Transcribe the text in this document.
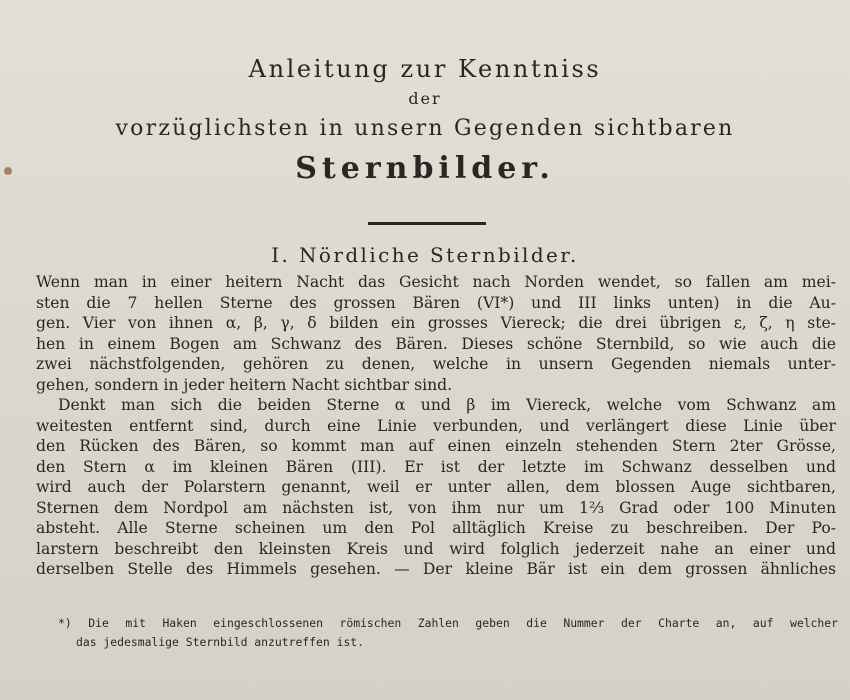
Anleitung zur Kenntniss

der

vorzüglichsten in unsern Gegenden sichtbaren

Sternbilder.

I. Nördliche Sternbilder.
Wenn man in einer heitern Nacht das Gesicht nach Norden wendet, so fallen am mei-
sten die 7 hellen Sterne des grossen Bären (VI*) und III links unten) in die Au-
gen. Vier von ihnen α, β, γ, δ bilden ein grosses Viereck; die drei übrigen ε, ζ, η ste-
hen in einem Bogen am Schwanz des Bären. Dieses schöne Sternbild, so wie auch die
zwei nächstfolgenden, gehören zu denen, welche in unsern Gegenden niemals unter-
gehen, sondern in jeder heitern Nacht sichtbar sind.
Denkt man sich die beiden Sterne α und β im Viereck, welche vom Schwanz am
weitesten entfernt sind, durch eine Linie verbunden, und verlängert diese Linie über
den Rücken des Bären, so kommt man auf einen einzeln stehenden Stern 2ter Grösse,
den Stern α im kleinen Bären (III). Er ist der letzte im Schwanz desselben und
wird auch der Polarstern genannt, weil er unter allen, dem blossen Auge sichtbaren,
Sternen dem Nordpol am nächsten ist, von ihm nur um 1⅔ Grad oder 100 Minuten
absteht. Alle Sterne scheinen um den Pol alltäglich Kreise zu beschreiben. Der Po-
larstern beschreibt den kleinsten Kreis und wird folglich jederzeit nahe an einer und
derselben Stelle des Himmels gesehen. — Der kleine Bär ist ein dem grossen ähnliches
*) Die mit Haken eingeschlossenen römischen Zahlen geben die Nummer der Charte an, auf welcher
das jedesmalige Sternbild anzutreffen ist.
